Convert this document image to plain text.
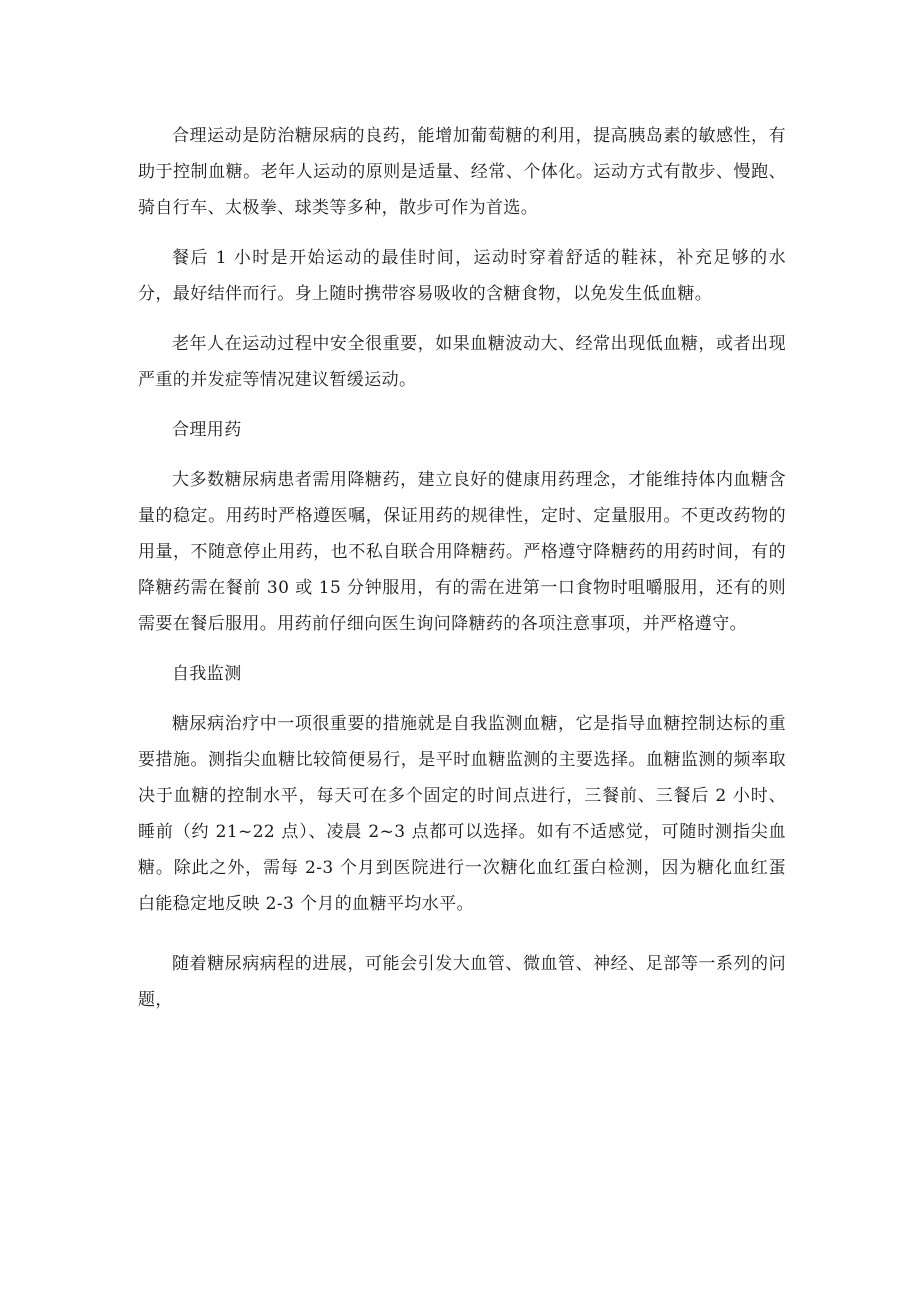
合理运动是防治糖尿病的良药，能增加葡萄糖的利用，提高胰岛素的敏感性，有助于控制血糖。老年人运动的原则是适量、经常、个体化。运动方式有散步、慢跑、骑自行车、太极拳、球类等多种，散步可作为首选。

餐后 1 小时是开始运动的最佳时间，运动时穿着舒适的鞋袜，补充足够的水分，最好结伴而行。身上随时携带容易吸收的含糖食物，以免发生低血糖。

老年人在运动过程中安全很重要，如果血糖波动大、经常出现低血糖，或者出现严重的并发症等情况建议暂缓运动。

合理用药

大多数糖尿病患者需用降糖药，建立良好的健康用药理念，才能维持体内血糖含量的稳定。用药时严格遵医嘱，保证用药的规律性，定时、定量服用。不更改药物的用量，不随意停止用药，也不私自联合用降糖药。严格遵守降糖药的用药时间，有的降糖药需在餐前 30 或 15 分钟服用，有的需在进第一口食物时咀嚼服用，还有的则需要在餐后服用。用药前仔细向医生询问降糖药的各项注意事项，并严格遵守。

自我监测

糖尿病治疗中一项很重要的措施就是自我监测血糖，它是指导血糖控制达标的重要措施。测指尖血糖比较简便易行，是平时血糖监测的主要选择。血糖监测的频率取决于血糖的控制水平，每天可在多个固定的时间点进行，三餐前、三餐后 2 小时、睡前（约 21~22 点）、凌晨 2~3 点都可以选择。如有不适感觉，可随时测指尖血糖。除此之外，需每 2-3 个月到医院进行一次糖化血红蛋白检测，因为糖化血红蛋白能稳定地反映 2-3 个月的血糖平均水平。

随着糖尿病病程的进展，可能会引发大血管、微血管、神经、足部等一系列的问题，
